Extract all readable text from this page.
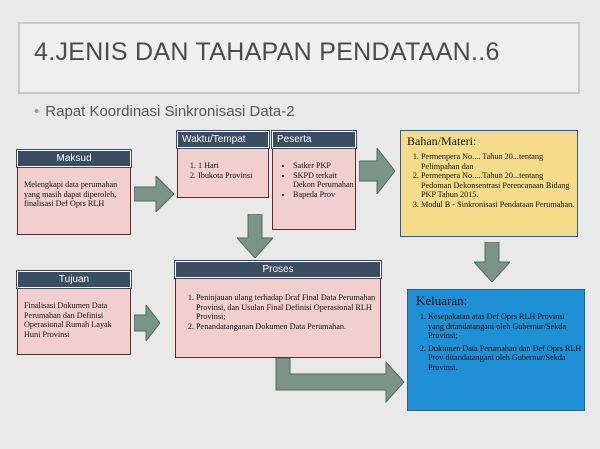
4.JENIS DAN TAHAPAN PENDATAAN..6
• Rapat Koordinasi Sinkronisasi Data-2
Melengkapi data perumahan yang masih dapat diperoleh, finalisasi Def Oprs RLH
Maksud
1. 1 Hari
2. Ibukota Provinsi
Waktu/Tempat
• Satker PKP
• SKPD terkait Dekon Perumahan
• Bapeda Prov
Peserta	Bahan/Materi:
1. Permenpera No.... Tahun 20...tentang Pelimpahan dan
2. Permenpera No.....Tahun 20...tentang Pedoman Dekonsentrasi Perencanaan Bidang PKP Tahun 2015.
3. Modul B - Sinkronisasi Pendataan Perumahan.
Finalisasi Dokumen Data Perumahan dan Definisi Operasional Rumah Layak Huni Provinsi
Tujuan
1. Peninjauan ulang terhadap Draf Final Data Perumahan Provinsi, dan Usulan Final Definisi Operasional RLH Provinsi;
2. Penandatanganan Dokumen Data Perumahan.
Proses
Keluaran:
1. Kesepakatan atas Def Oprs RLH Provinsi yang ditandatangani oleh Gubernur/Sekda Provinsi;
2. Dokumen Data Perumahan dan Def Oprs RLH Prov ditandatangani oleh Gubernur/Sekda Provinsi.
